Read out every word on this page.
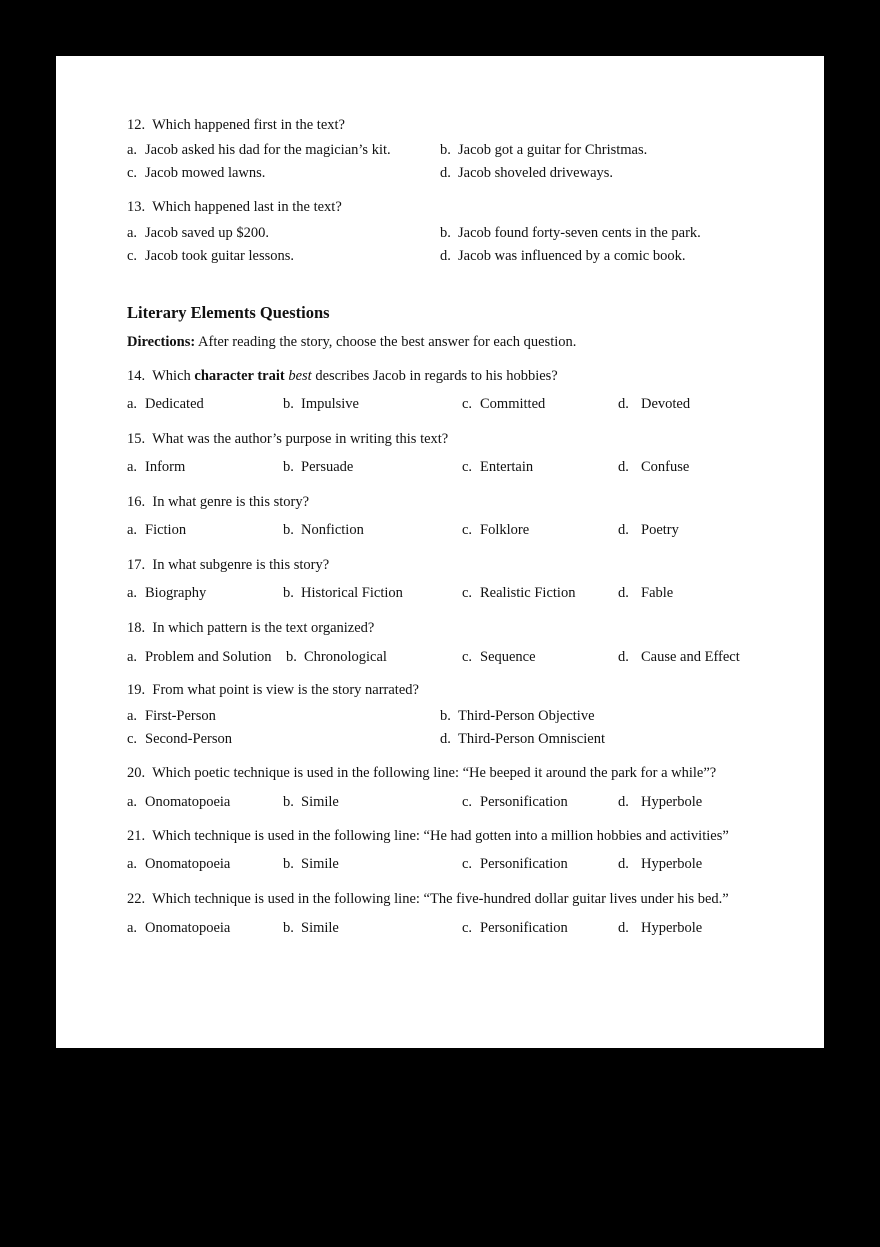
12. Which happened first in the text?
a. Jacob asked his dad for the magician’s kit.	b. Jacob got a guitar for Christmas.
c. Jacob mowed lawns.	d. Jacob shoveled driveways.
13. Which happened last in the text?
a. Jacob saved up $200.	b. Jacob found forty-seven cents in the park.
c. Jacob took guitar lessons.	d. Jacob was influenced by a comic book.
Literary Elements Questions
Directions: After reading the story, choose the best answer for each question.
14. Which character trait best describes Jacob in regards to his hobbies?
a. Dedicated	b. Impulsive	c. Committed	d. Devoted
15. What was the author’s purpose in writing this text?
a. Inform	b. Persuade	c. Entertain	d. Confuse
16. In what genre is this story?
a. Fiction	b. Nonfiction	c. Folklore	d. Poetry
17. In what subgenre is this story?
a. Biography	b. Historical Fiction	c. Realistic Fiction	d. Fable
18. In which pattern is the text organized?
a. Problem and Solution b. Chronological	c. Sequence	d. Cause and Effect
19. From what point is view is the story narrated?
a. First-Person	b. Third-Person Objective
c. Second-Person	d. Third-Person Omniscient
20. Which poetic technique is used in the following line: “He beeped it around the park for a while”?
a. Onomatopoeia	b. Simile	c. Personification	d. Hyperbole
21. Which technique is used in the following line: “He had gotten into a million hobbies and activities”
a. Onomatopoeia	b. Simile	c. Personification	d. Hyperbole
22. Which technique is used in the following line: “The five-hundred dollar guitar lives under his bed.”
a. Onomatopoeia	b. Simile	c. Personification	d. Hyperbole
